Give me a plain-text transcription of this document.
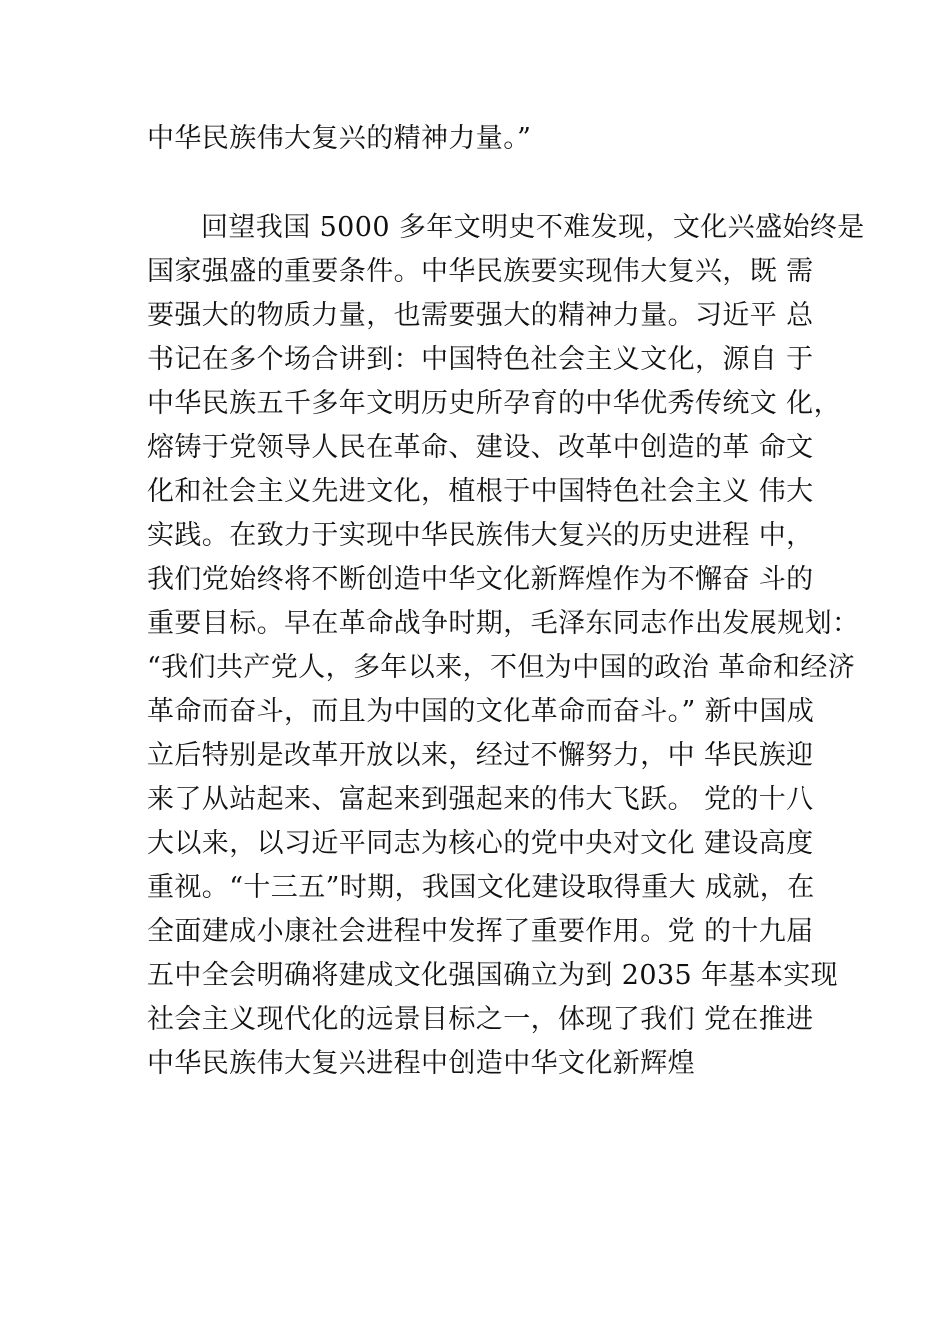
中华民族伟大复兴的精神力量。”
回望我国 5000 多年文明史不难发现，文化兴盛始终是
国家强盛的重要条件。中华民族要实现伟大复兴，既 需
要强大的物质力量，也需要强大的精神力量。习近平 总
书记在多个场合讲到：中国特色社会主义文化，源自 于
中华民族五千多年文明历史所孕育的中华优秀传统文 化，
熔铸于党领导人民在革命、建设、改革中创造的革 命文
化和社会主义先进文化，植根于中国特色社会主义 伟大
实践。在致力于实现中华民族伟大复兴的历史进程 中，
我们党始终将不断创造中华文化新辉煌作为不懈奋 斗的
重要目标。早在革命战争时期，毛泽东同志作出发展规划：
“我们共产党人，多年以来，不但为中国的政治 革命和经济
革命而奋斗，而且为中国的文化革命而奋斗。” 新中国成
立后特别是改革开放以来，经过不懈努力，中 华民族迎
来了从站起来、富起来到强起来的伟大飞跃。 党的十八
大以来，以习近平同志为核心的党中央对文化 建设高度
重视。“十三五”时期，我国文化建设取得重大 成就，在
全面建成小康社会进程中发挥了重要作用。党 的十九届
五中全会明确将建成文化强国确立为到 2035 年基本实现
社会主义现代化的远景目标之一，体现了我们 党在推进
中华民族伟大复兴进程中创造中华文化新辉煌
